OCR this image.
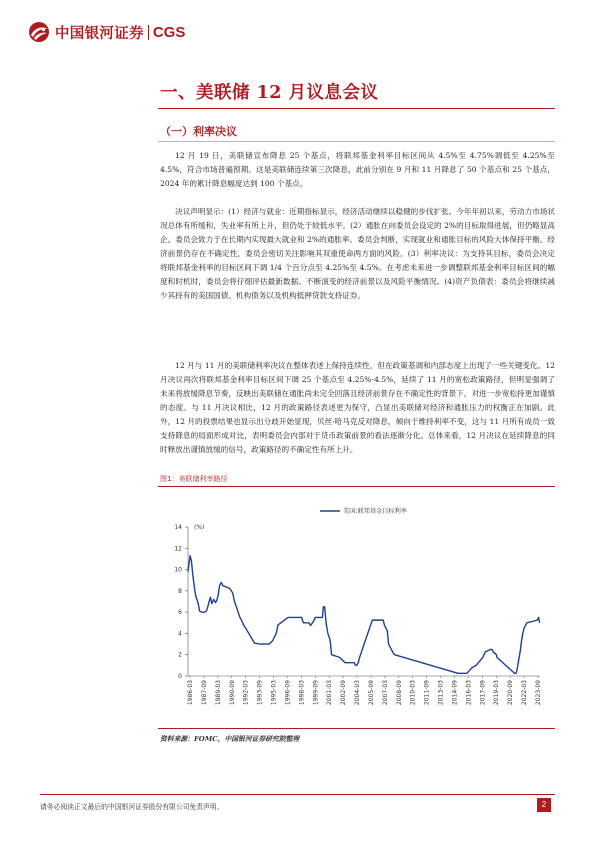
中国银河证券 CGS
一、美联储 12 月议息会议
（一）利率决议

12 月 19 日，美联储宣布降息 25 个基点，将联邦基金利率目标区间从 4.5%至 4.75%调低至 4.25%至 4.5%，符合市场普遍预期。这是美联储连续第三次降息，此前分别在 9 月和 11 月降息了 50 个基点和 25 个基点，2024 年的累计降息幅度达到 100 个基点。

决议声明显示：(1）经济与就业：近期指标显示，经济活动继续以稳健的步伐扩张。今年年初以来，劳动力市场状况总体有所缓和，失业率有所上升，但仍处于较低水平。(2）通胀在向委员会设定的 2%的目标取得进展，但仍略显高企。委员会致力于在长期内实现最大就业和 2%的通胀率。委员会判断，实现就业和通胀目标的风险大体保持平衡。经济前景仍存在不确定性，委员会密切关注影响其双重使命两方面的风险。(3）利率决议：为支持其目标，委员会决定将联邦基金利率的目标区间下调 1/4 个百分点至 4.25%至 4.5%。在考虑未来进一步调整联邦基金利率目标区间的幅度和时机时，委员会将仔细评估最新数据、不断演变的经济前景以及风险平衡情况。(4)资产负债表：委员会将继续减少其持有的美国国债、机构债务以及机构抵押贷款支持证券。

12 月与 11 月的美联储利率决议在整体表述上保持连续性，但在政策基调和内部态度上出现了一些关键变化。12 月决议再次将联邦基金利率目标区间下调 25 个基点至 4.25%-4.5%，延续了 11 月的宽松政策路径，但明显强调了未来将放缓降息节奏，反映出美联储在通胀尚未完全回落且经济前景存在不确定性的背景下，对进一步宽松持更加谨慎的态度。与 11 月决议相比，12 月的政策路径表述更为保守，凸显出美联储对经济和通胀压力的权衡正在加剧。此外，12 月的投票结果也显示出分歧开始显现，贝丝·哈马克反对降息，倾向于维持利率不变，这与 11 月所有成员一致支持降息的局面形成对比，表明委员会内部对于货币政策前景的看法逐渐分化。总体来看，12 月决议在延续降息的同时释放出谨慎放缓的信号，政策路径的不确定性有所上升。

图1：美联储利率路径
美国:联邦基金目标利率
(%)
0
2
4
6
8
10
12
14
1986-03 1987-09 1989-03 1990-09 1992-03 1993-09 1995-03 1996-09 1998-03 1999-09 2001-03 2002-09 2004-03 2005-09 2007-03 2008-09 2010-03 2011-09 2013-03 2014-09 2016-03 2017-09 2019-03 2020-09 2022-03 2023-09
资料来源：FOMC，中国银河证券研究院整理
请务必阅读正文最后的中国银河证券股份有限公司免责声明。	2
